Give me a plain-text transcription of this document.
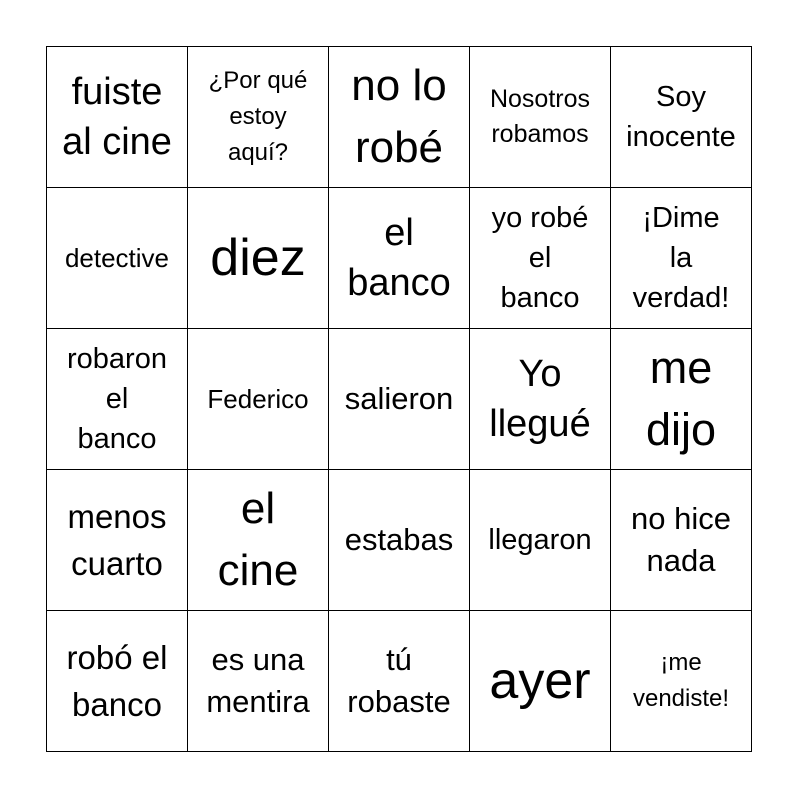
fuiste
al cine
¿Por qué
estoy
aquí?
no lo
robé
Nosotros
robamos
Soy
inocente
detective diez	el
banco
yo robé
el
banco
¡Dime
la
verdad!
robaron
el
banco
Federico salieron
Yo
llegué
me
dijo
menos
cuarto
el
cine
estabas llegaron
no hice
nada
robó el
banco
es una
mentira
tú
robaste ayer	¡me
vendiste!
